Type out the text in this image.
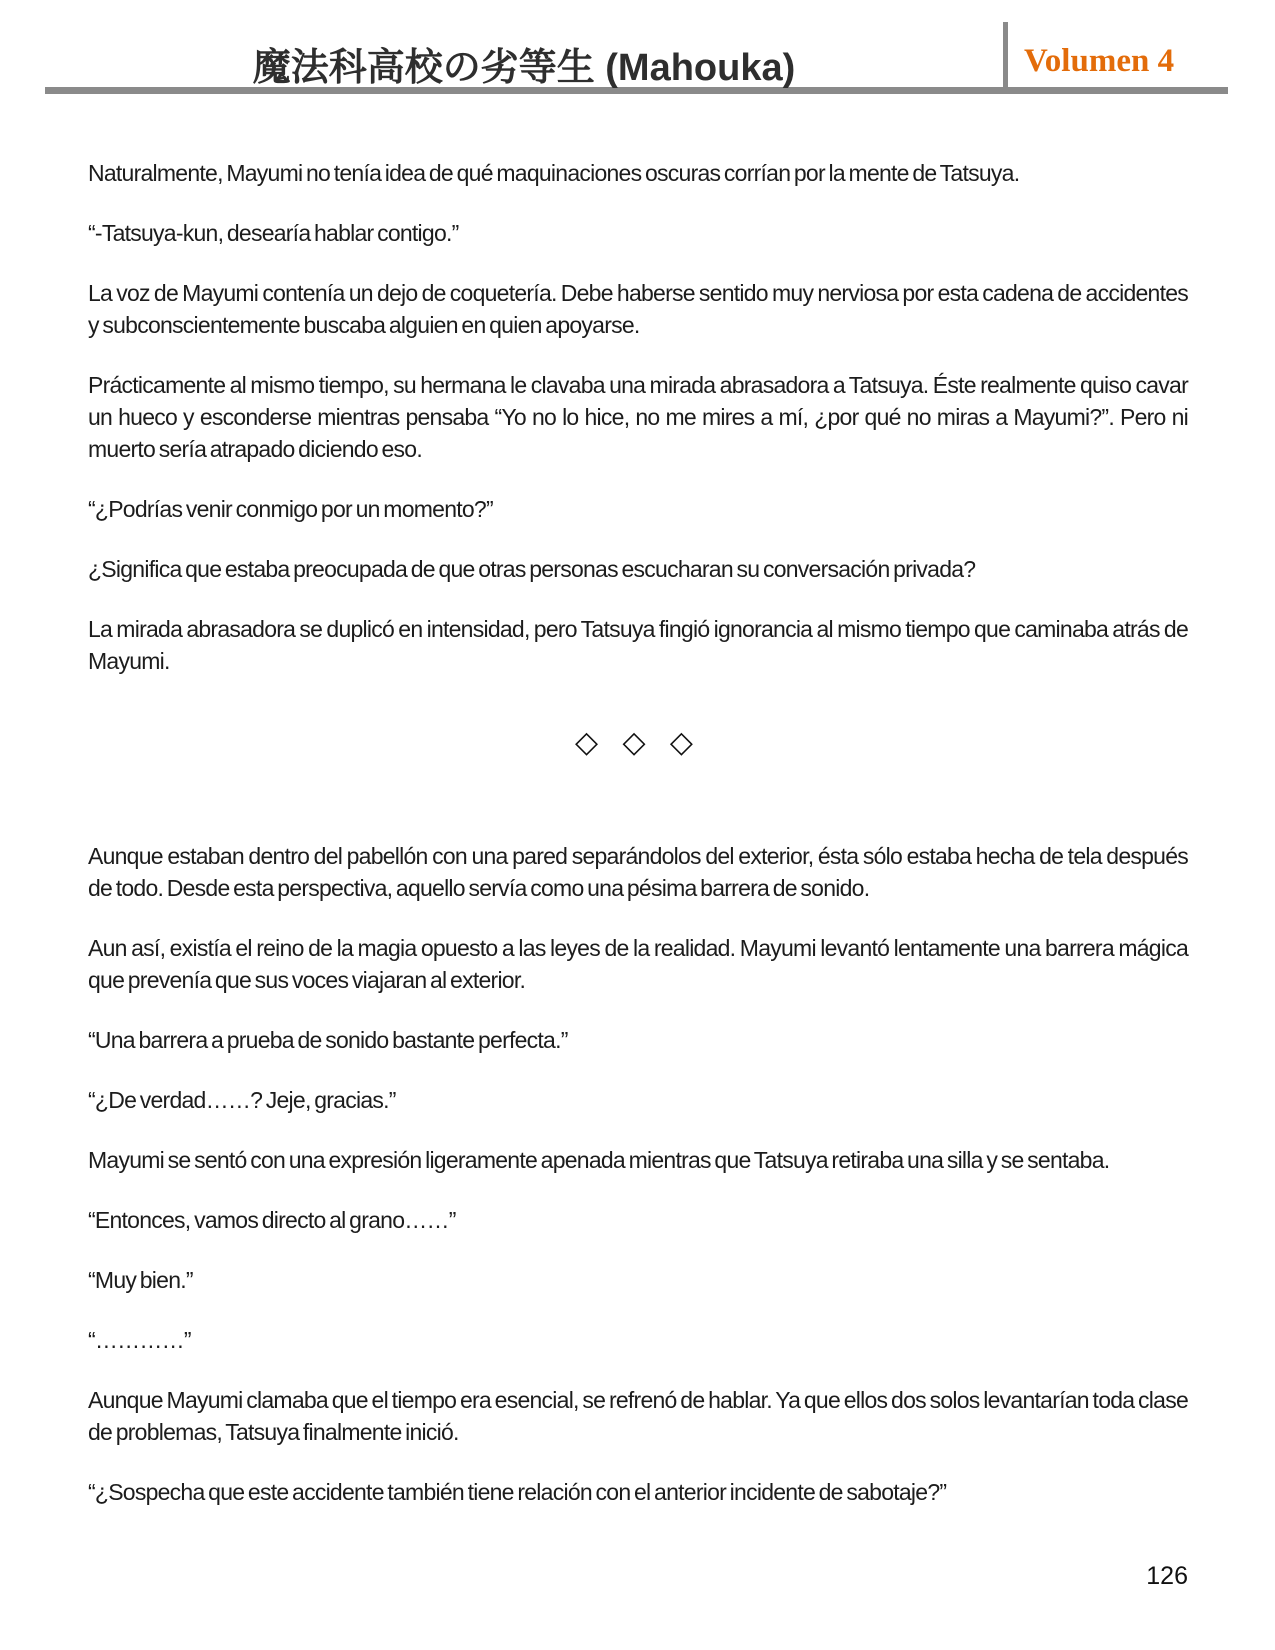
魔法科高校の劣等生 (Mahouka)	Volumen 4

Naturalmente, Mayumi no tenía idea de qué maquinaciones oscuras corrían por la mente de Tatsuya.

“-Tatsuya-kun, desearía hablar contigo.”

La voz de Mayumi contenía un dejo de coquetería. Debe haberse sentido muy nerviosa por esta cadena de accidentes y subconscientemente buscaba alguien en quien apoyarse.

Prácticamente al mismo tiempo, su hermana le clavaba una mirada abrasadora a Tatsuya. Éste realmente quiso cavar un hueco y esconderse mientras pensaba “Yo no lo hice, no me mires a mí, ¿por qué no miras a Mayumi?”. Pero ni muerto sería atrapado diciendo eso.

“¿Podrías venir conmigo por un momento?”

¿Significa que estaba preocupada de que otras personas escucharan su conversación privada?

La mirada abrasadora se duplicó en intensidad, pero Tatsuya fingió ignorancia al mismo tiempo que caminaba atrás de Mayumi.

◇ ◇ ◇

Aunque estaban dentro del pabellón con una pared separándolos del exterior, ésta sólo estaba hecha de tela después de todo. Desde esta perspectiva, aquello servía como una pésima barrera de sonido.

Aun así, existía el reino de la magia opuesto a las leyes de la realidad. Mayumi levantó lentamente una barrera mágica que prevenía que sus voces viajaran al exterior.

“Una barrera a prueba de sonido bastante perfecta.”

“¿De verdad……? Jeje, gracias.”

Mayumi se sentó con una expresión ligeramente apenada mientras que Tatsuya retiraba una silla y se sentaba.

“Entonces, vamos directo al grano……”

“Muy bien.”

“…………”

Aunque Mayumi clamaba que el tiempo era esencial, se refrenó de hablar. Ya que ellos dos solos levantarían toda clase de problemas, Tatsuya finalmente inició.

“¿Sospecha que este accidente también tiene relación con el anterior incidente de sabotaje?”

126
